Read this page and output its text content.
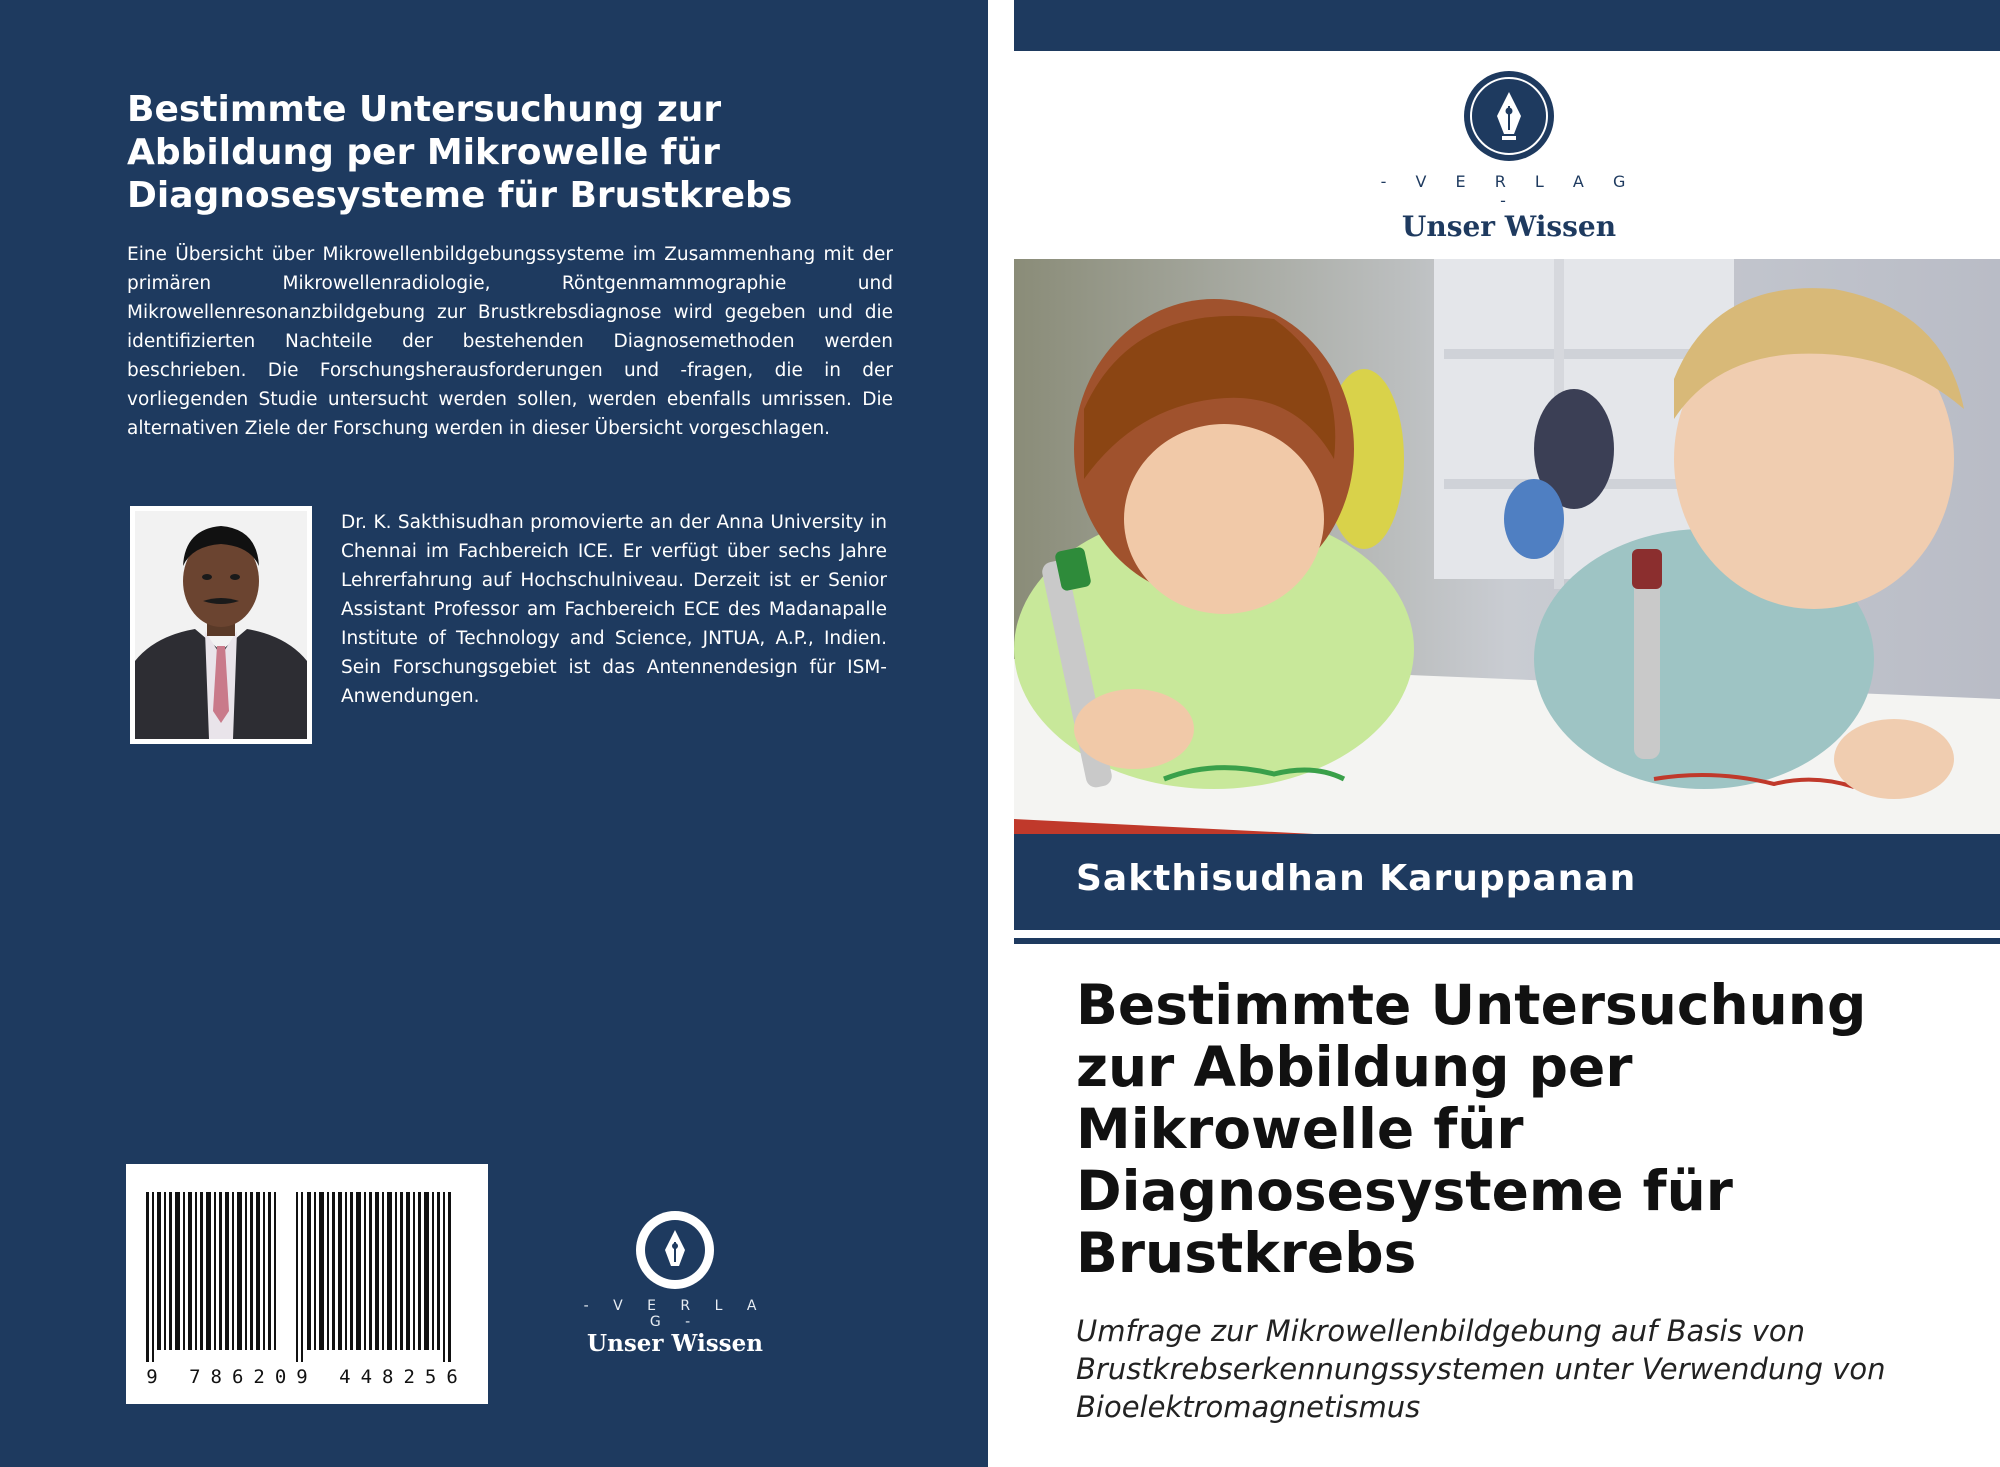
Bestimmte Untersuchung zur Abbildung per Mikrowelle für Diagnosesysteme für Brustkrebs
Eine Übersicht über Mikrowellenbildgebungssysteme im Zusammenhang mit der primären Mikrowellenradiologie, Röntgenmammographie und Mikrowellenresonanzbildgebung zur Brustkrebsdiagnose wird gegeben und die identifizierten Nachteile der bestehenden Diagnosemethoden werden beschrieben. Die Forschungsherausforderungen und -fragen, die in der vorliegenden Studie untersucht werden sollen, werden ebenfalls umrissen. Die alternativen Ziele der Forschung werden in dieser Übersicht vorgeschlagen.
Dr. K. Sakthisudhan promovierte an der Anna University in Chennai im Fachbereich ICE. Er verfügt über sechs Jahre Lehrerfahrung auf Hochschulniveau. Derzeit ist er Senior Assistant Professor am Fachbereich ECE des Madanapalle Institute of Technology and Science, JNTUA, A.P., Indien. Sein Forschungsgebiet ist das Antennendesign für ISM-Anwendungen.
9 786209 448256
- V E R L A G -
Unser Wissen
- V E R L A G -
Unser Wissen
Sakthisudhan Karuppanan
Bestimmte Untersuchung zur Abbildung per Mikrowelle für Diagnosesysteme für Brustkrebs
Umfrage zur Mikrowellenbildgebung auf Basis von Brustkrebserkennungssystemen unter Verwendung von Bioelektromagnetismus
